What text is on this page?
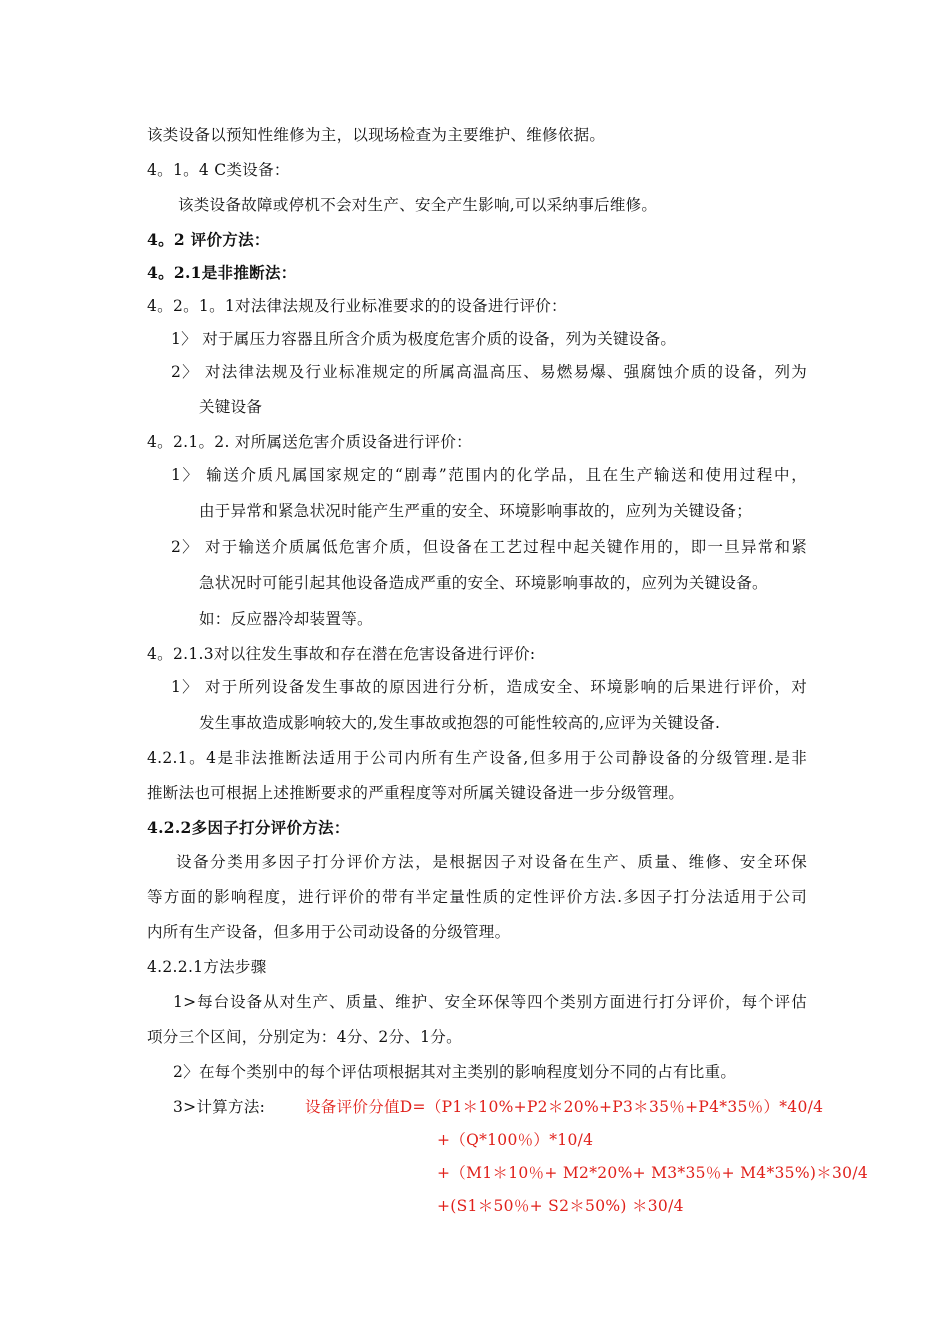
该类设备以预知性维修为主，以现场检查为主要维护、维修依据。
4。1。4 C类设备：
该类设备故障或停机不会对生产、安全产生影响,可以采纳事后维修。
4。2 评价方法：
4。2.1是非推断法：
4。2。1。1对法律法规及行业标准要求的的设备进行评价：
1〉 对于属压力容器且所含介质为极度危害介质的设备，列为关键设备。
2〉 对法律法规及行业标准规定的所属高温高压、易燃易爆、强腐蚀介质的设备，列为
关键设备
4。2.1。2. 对所属送危害介质设备进行评价：
1〉 输送介质凡属国家规定的“剧毒”范围内的化学品，且在生产输送和使用过程中，
由于异常和紧急状况时能产生严重的安全、环境影响事故的，应列为关键设备；
2〉 对于输送介质属低危害介质，但设备在工艺过程中起关键作用的，即一旦异常和紧
急状况时可能引起其他设备造成严重的安全、环境影响事故的，应列为关键设备。
如：反应器冷却装置等。
4。2.1.3对以往发生事故和存在潜在危害设备进行评价:
1〉 对于所列设备发生事故的原因进行分析，造成安全、环境影响的后果进行评价，对
发生事故造成影响较大的,发生事故或抱怨的可能性较高的,应评为关键设备.
4.2.1。4是非法推断法适用于公司内所有生产设备,但多用于公司静设备的分级管理.是非
推断法也可根据上述推断要求的严重程度等对所属关键设备进一步分级管理。
4.2.2多因子打分评价方法：
设备分类用多因子打分评价方法，是根据因子对设备在生产、质量、维修、安全环保
等方面的影响程度，进行评价的带有半定量性质的定性评价方法.多因子打分法适用于公司
内所有生产设备，但多用于公司动设备的分级管理。
4.2.2.1方法步骤
1>每台设备从对生产、质量、维护、安全环保等四个类别方面进行打分评价，每个评估
项分三个区间，分别定为：4分、2分、1分。
2〉在每个类别中的每个评估项根据其对主类别的影响程度划分不同的占有比重。
3>计算方法:	设备评价分值D=（P1＊10%+P2＊20%+P3＊35％+P4*35％）*40/4
+（Q*100％）*10/4
+（M1＊10％+ M2*20%+ M3*35％+ M4*35%)＊30/4
+(S1＊50％+ S2＊50%) ＊30/4
